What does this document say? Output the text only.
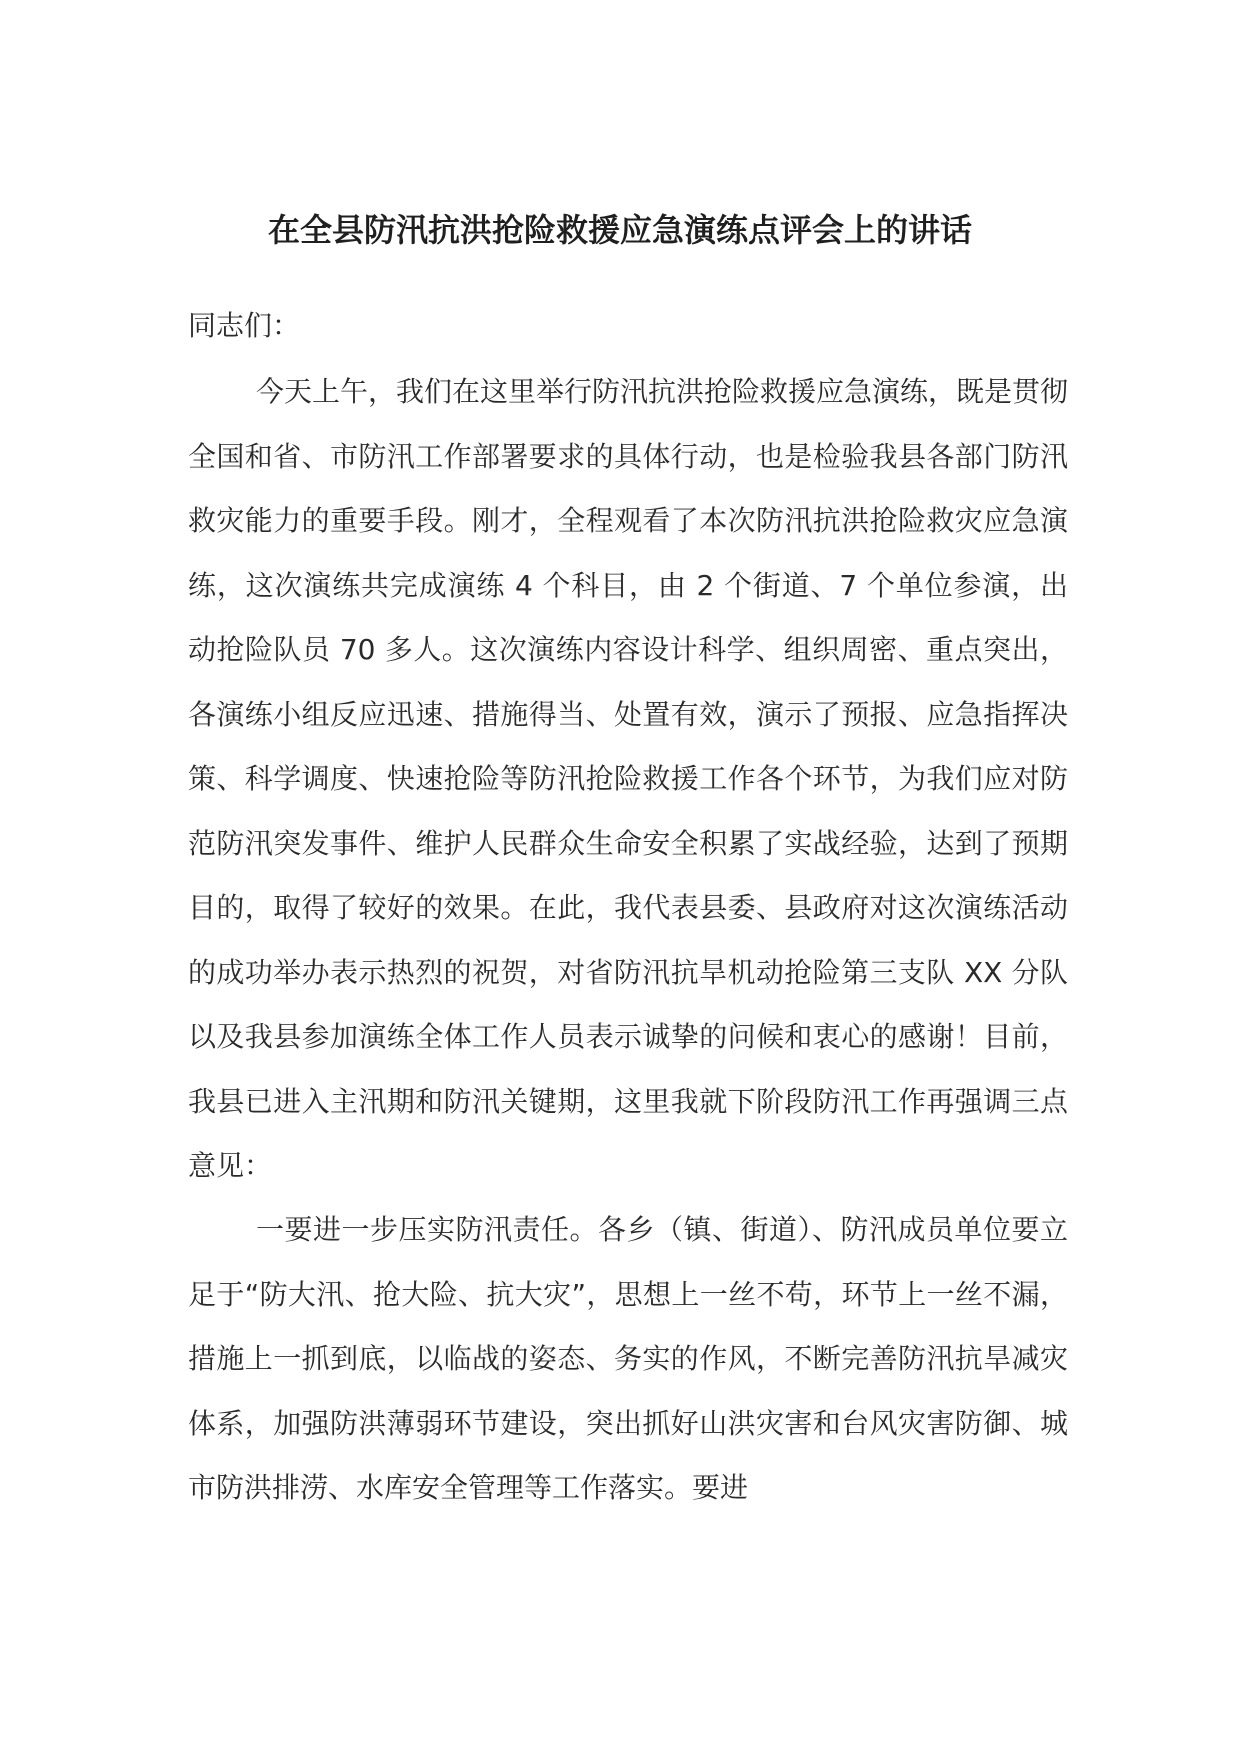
在全县防汛抗洪抢险救援应急演练点评会上的讲话

同志们：

今天上午，我们在这里举行防汛抗洪抢险救援应急演练，既是贯彻全国和省、市防汛工作部署要求的具体行动，也是检验我县各部门防汛救灾能力的重要手段。刚才，全程观看了本次防汛抗洪抢险救灾应急演练，这次演练共完成演练 4 个科目，由 2 个街道、7 个单位参演，出动抢险队员 70 多人。这次演练内容设计科学、组织周密、重点突出，各演练小组反应迅速、措施得当、处置有效，演示了预报、应急指挥决策、科学调度、快速抢险等防汛抢险救援工作各个环节，为我们应对防范防汛突发事件、维护人民群众生命安全积累了实战经验，达到了预期目的，取得了较好的效果。在此，我代表县委、县政府对这次演练活动的成功举办表示热烈的祝贺，对省防汛抗旱机动抢险第三支队 XX 分队以及我县参加演练全体工作人员表示诚挚的问候和衷心的感谢！目前，我县已进入主汛期和防汛关键期，这里我就下阶段防汛工作再强调三点意见：

一要进一步压实防汛责任。各乡（镇、街道）、防汛成员单位要立足于“防大汛、抢大险、抗大灾”，思想上一丝不苟，环节上一丝不漏，措施上一抓到底，以临战的姿态、务实的作风，不断完善防汛抗旱减灾体系，加强防洪薄弱环节建设，突出抓好山洪灾害和台风灾害防御、城市防洪排涝、水库安全管理等工作落实。要进
